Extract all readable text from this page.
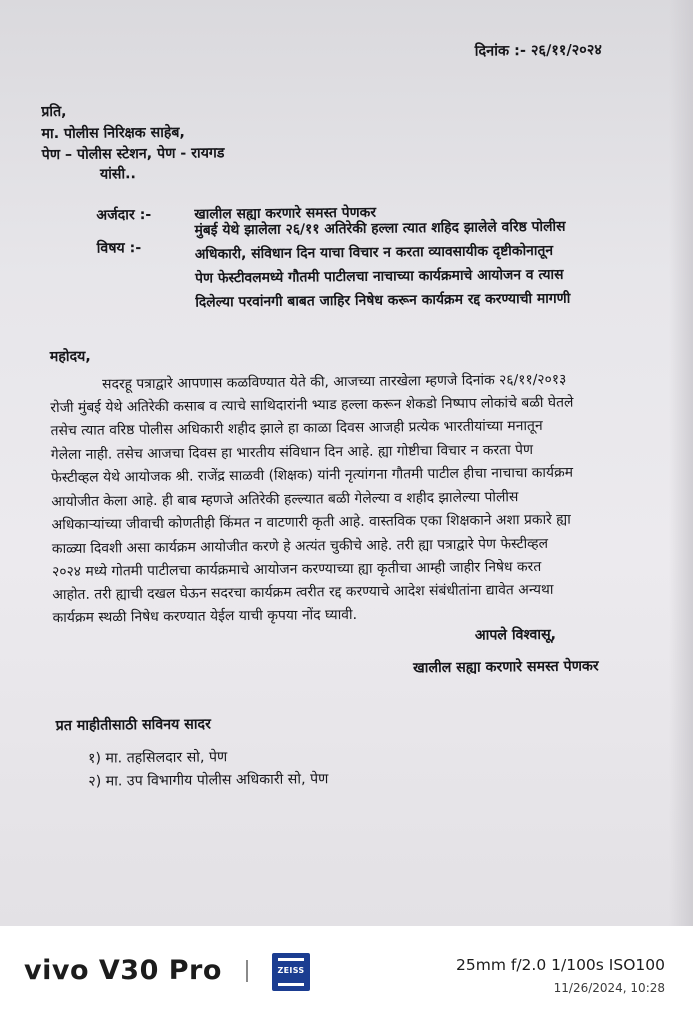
दिनांक :- २६/११/२०२४
प्रति,
मा. पोलीस निरिक्षक साहेब,
पेण – पोलीस स्टेशन, पेण - रायगड
यांसी..
अर्जदार :-	खालील सह्या करणारे समस्त पेणकर
विषय :-
मुंबई येथे झालेला २६/११ अतिरेकी हल्ला त्यात शहिद झालेले वरिष्ठ पोलीस
अधिकारी, संविधान दिन याचा विचार न करता व्यावसायीक दृष्टीकोनातून
पेण फेस्टीवलमध्ये गौतमी पाटीलचा नाचाच्या कार्यक्रमाचे आयोजन व त्यास
दिलेल्या परवांनगी बाबत जाहिर निषेध करून कार्यक्रम रद्द करण्याची मागणी
महोदय,
सदरहू पत्राद्वारे आपणास कळविण्यात येते की, आजच्या तारखेला म्हणजे दिनांक २६/११/२०१३
रोजी मुंबई येथे अतिरेकी कसाब व त्याचे साथिदारांनी भ्याड हल्ला करून शेकडो निष्पाप लोकांचे बळी घेतले
तसेच त्यात वरिष्ठ पोलीस अधिकारी शहीद झाले हा काळा दिवस आजही प्रत्येक भारतीयांच्या मनातून
गेलेला नाही. तसेच आजचा दिवस हा भारतीय संविधान दिन आहे. ह्या गोष्टीचा विचार न करता पेण
फेस्टीव्हल येथे आयोजक श्री. राजेंद्र साळवी (शिक्षक) यांनी नृत्यांगना गौतमी पाटील हीचा नाचाचा कार्यक्रम
आयोजीत केला आहे. ही बाब म्हणजे अतिरेकी हल्ल्यात बळी गेलेल्या व शहीद झालेल्या पोलीस
अधिकाऱ्यांच्या जीवाची कोणतीही किंमत न वाटणारी कृती आहे. वास्तविक एका शिक्षकाने अशा प्रकारे ह्या
काळ्या दिवशी असा कार्यक्रम आयोजीत करणे हे अत्यंत चुकीचे आहे. तरी ह्या पत्राद्वारे पेण फेस्टीव्हल
२०२४ मध्ये गोतमी पाटीलचा कार्यक्रमाचे आयोजन करण्याच्या ह्या कृतीचा आम्ही जाहीर निषेध करत
आहोत. तरी ह्याची दखल घेऊन सदरचा कार्यक्रम त्वरीत रद्द करण्याचे आदेश संबंधीतांना द्यावेत अन्यथा
कार्यक्रम स्थळी निषेध करण्यात येईल याची कृपया नोंद घ्यावी.
आपले विश्वासू,
खालील सह्या करणारे समस्त पेणकर
प्रत माहीतीसाठी सविनय सादर
१) मा. तहसिलदार सो, पेण
२) मा. उप विभागीय पोलीस अधिकारी सो, पेण
vivo V30 Pro	ZEISS	25mm f/2.0 1/100s ISO100
11/26/2024, 10:28
